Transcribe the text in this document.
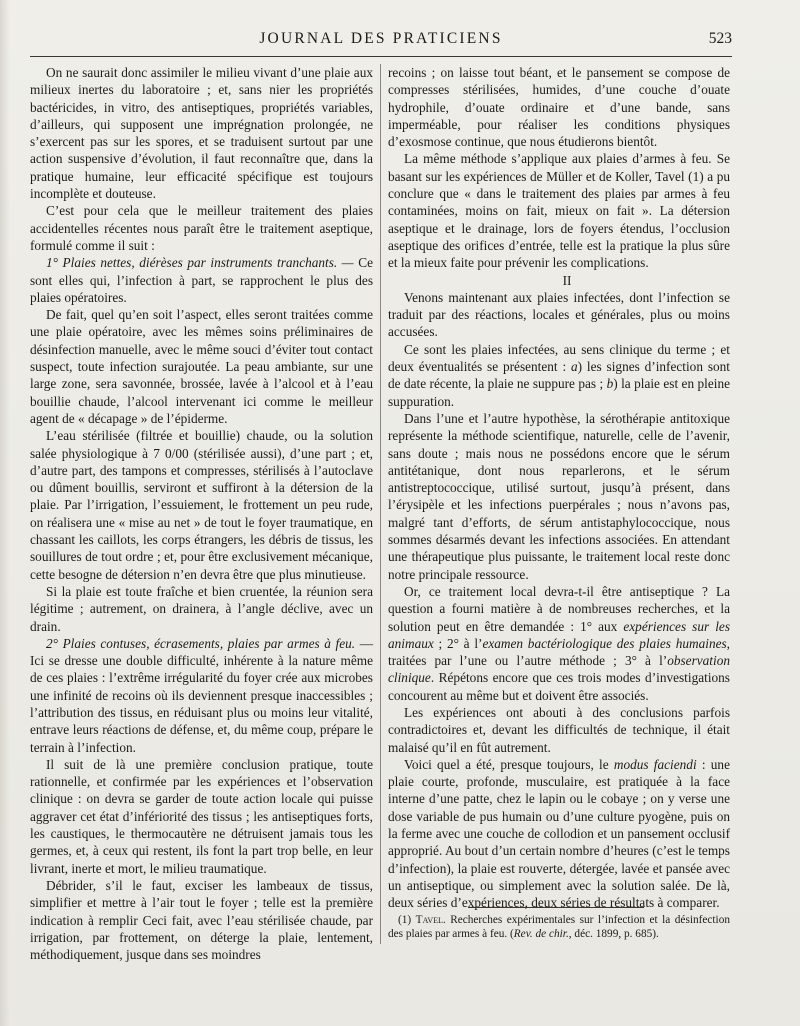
JOURNAL DES PRATICIENS	523

On ne saurait donc assimiler le milieu vivant d’une plaie aux milieux inertes du laboratoire ; et, sans nier les propriétés bactéricides, in vitro, des antiseptiques, propriétés variables, d’ailleurs, qui supposent une imprégnation prolongée, ne s’exercent pas sur les spores, et se traduisent surtout par une action suspensive d’évolution, il faut reconnaître que, dans la pratique humaine, leur efficacité spécifique est toujours incomplète et douteuse.

C’est pour cela que le meilleur traitement des plaies accidentelles récentes nous paraît être le traitement aseptique, formulé comme il suit :

1° Plaies nettes, diérèses par instruments tranchants. — Ce sont elles qui, l’infection à part, se rapprochent le plus des plaies opératoires.

De fait, quel qu’en soit l’aspect, elles seront traitées comme une plaie opératoire, avec les mêmes soins préliminaires de désinfection manuelle, avec le même souci d’éviter tout contact suspect, toute infection surajoutée. La peau ambiante, sur une large zone, sera savonnée, brossée, lavée à l’alcool et à l’eau bouillie chaude, l’alcool intervenant ici comme le meilleur agent de « décapage » de l’épiderme.

L’eau stérilisée (filtrée et bouillie) chaude, ou la solution salée physiologique à 7 0/00 (stérilisée aussi), d’une part ; et, d’autre part, des tampons et compresses, stérilisés à l’autoclave ou dûment bouillis, serviront et suffiront à la détersion de la plaie. Par l’irrigation, l’essuiement, le frottement un peu rude, on réalisera une « mise au net » de tout le foyer traumatique, en chassant les caillots, les corps étrangers, les débris de tissus, les souillures de tout ordre ; et, pour être exclusivement mécanique, cette besogne de détersion n’en devra être que plus minutieuse.

Si la plaie est toute fraîche et bien cruentée, la réunion sera légitime ; autrement, on drainera, à l’angle déclive, avec un drain.

2° Plaies contuses, écrasements, plaies par armes à feu. — Ici se dresse une double difficulté, inhérente à la nature même de ces plaies : l’extrême irrégularité du foyer crée aux microbes une infinité de recoins où ils deviennent presque inaccessibles ; l’attribution des tissus, en réduisant plus ou moins leur vitalité, entrave leurs réactions de défense, et, du même coup, prépare le terrain à l’infection.

Il suit de là une première conclusion pratique, toute rationnelle, et confirmée par les expériences et l’observation clinique : on devra se garder de toute action locale qui puisse aggraver cet état d’infériorité des tissus ; les antiseptiques forts, les caustiques, le thermocautère ne détruisent jamais tous les germes, et, à ceux qui restent, ils font la part trop belle, en leur livrant, inerte et mort, le milieu traumatique.

Débrider, s’il le faut, exciser les lambeaux de tissus, simplifier et mettre à l’air tout le foyer ; telle est la première indication à remplir Ceci fait, avec l’eau stérilisée chaude, par irrigation, par frottement, on déterge la plaie, lentement, méthodiquement, jusque dans ses moindres

recoins ; on laisse tout béant, et le pansement se compose de compresses stérilisées, humides, d’une couche d’ouate hydrophile, d’ouate ordinaire et d’une bande, sans imperméable, pour réaliser les conditions physiques d’exosmose continue, que nous étudierons bientôt.

La même méthode s’applique aux plaies d’armes à feu. Se basant sur les expériences de Müller et de Koller, Tavel (1) a pu conclure que « dans le traitement des plaies par armes à feu contaminées, moins on fait, mieux on fait ». La détersion aseptique et le drainage, lors de foyers étendus, l’occlusion aseptique des orifices d’entrée, telle est la pratique la plus sûre et la mieux faite pour prévenir les complications.

II

Venons maintenant aux plaies infectées, dont l’infection se traduit par des réactions, locales et générales, plus ou moins accusées.

Ce sont les plaies infectées, au sens clinique du terme ; et deux éventualités se présentent : a) les signes d’infection sont de date récente, la plaie ne suppure pas ; b) la plaie est en pleine suppuration.

Dans l’une et l’autre hypothèse, la sérothérapie antitoxique représente la méthode scientifique, naturelle, celle de l’avenir, sans doute ; mais nous ne possédons encore que le sérum antitétanique, dont nous reparlerons, et le sérum antistreptococcique, utilisé surtout, jusqu’à présent, dans l’érysipèle et les infections puerpérales ; nous n’avons pas, malgré tant d’efforts, de sérum antistaphylococcique, nous sommes désarmés devant les infections associées. En attendant une thérapeutique plus puissante, le traitement local reste donc notre principale ressource.

Or, ce traitement local devra-t-il être antiseptique ? La question a fourni matière à de nombreuses recherches, et la solution peut en être demandée : 1° aux expériences sur les animaux ; 2° à l’examen bactériologique des plaies humaines, traitées par l’une ou l’autre méthode ; 3° à l’observation clinique. Répétons encore que ces trois modes d’investigations concourent au même but et doivent être associés.

Les expériences ont abouti à des conclusions parfois contradictoires et, devant les difficultés de technique, il était malaisé qu’il en fût autrement.

Voici quel a été, presque toujours, le modus faciendi : une plaie courte, profonde, musculaire, est pratiquée à la face interne d’une patte, chez le lapin ou le cobaye ; on y verse une dose variable de pus humain ou d’une culture pyogène, puis on la ferme avec une couche de collodion et un pansement occlusif approprié. Au bout d’un certain nombre d’heures (c’est le temps d’infection), la plaie est rouverte, détergée, lavée et pansée avec un antiseptique, ou simplement avec la solution salée. De là, deux séries d’expériences, deux séries de résultats à comparer.

(1) Tavel. Recherches expérimentales sur l’infection et la désinfection des plaies par armes à feu. (Rev. de chir., déc. 1899, p. 685).
